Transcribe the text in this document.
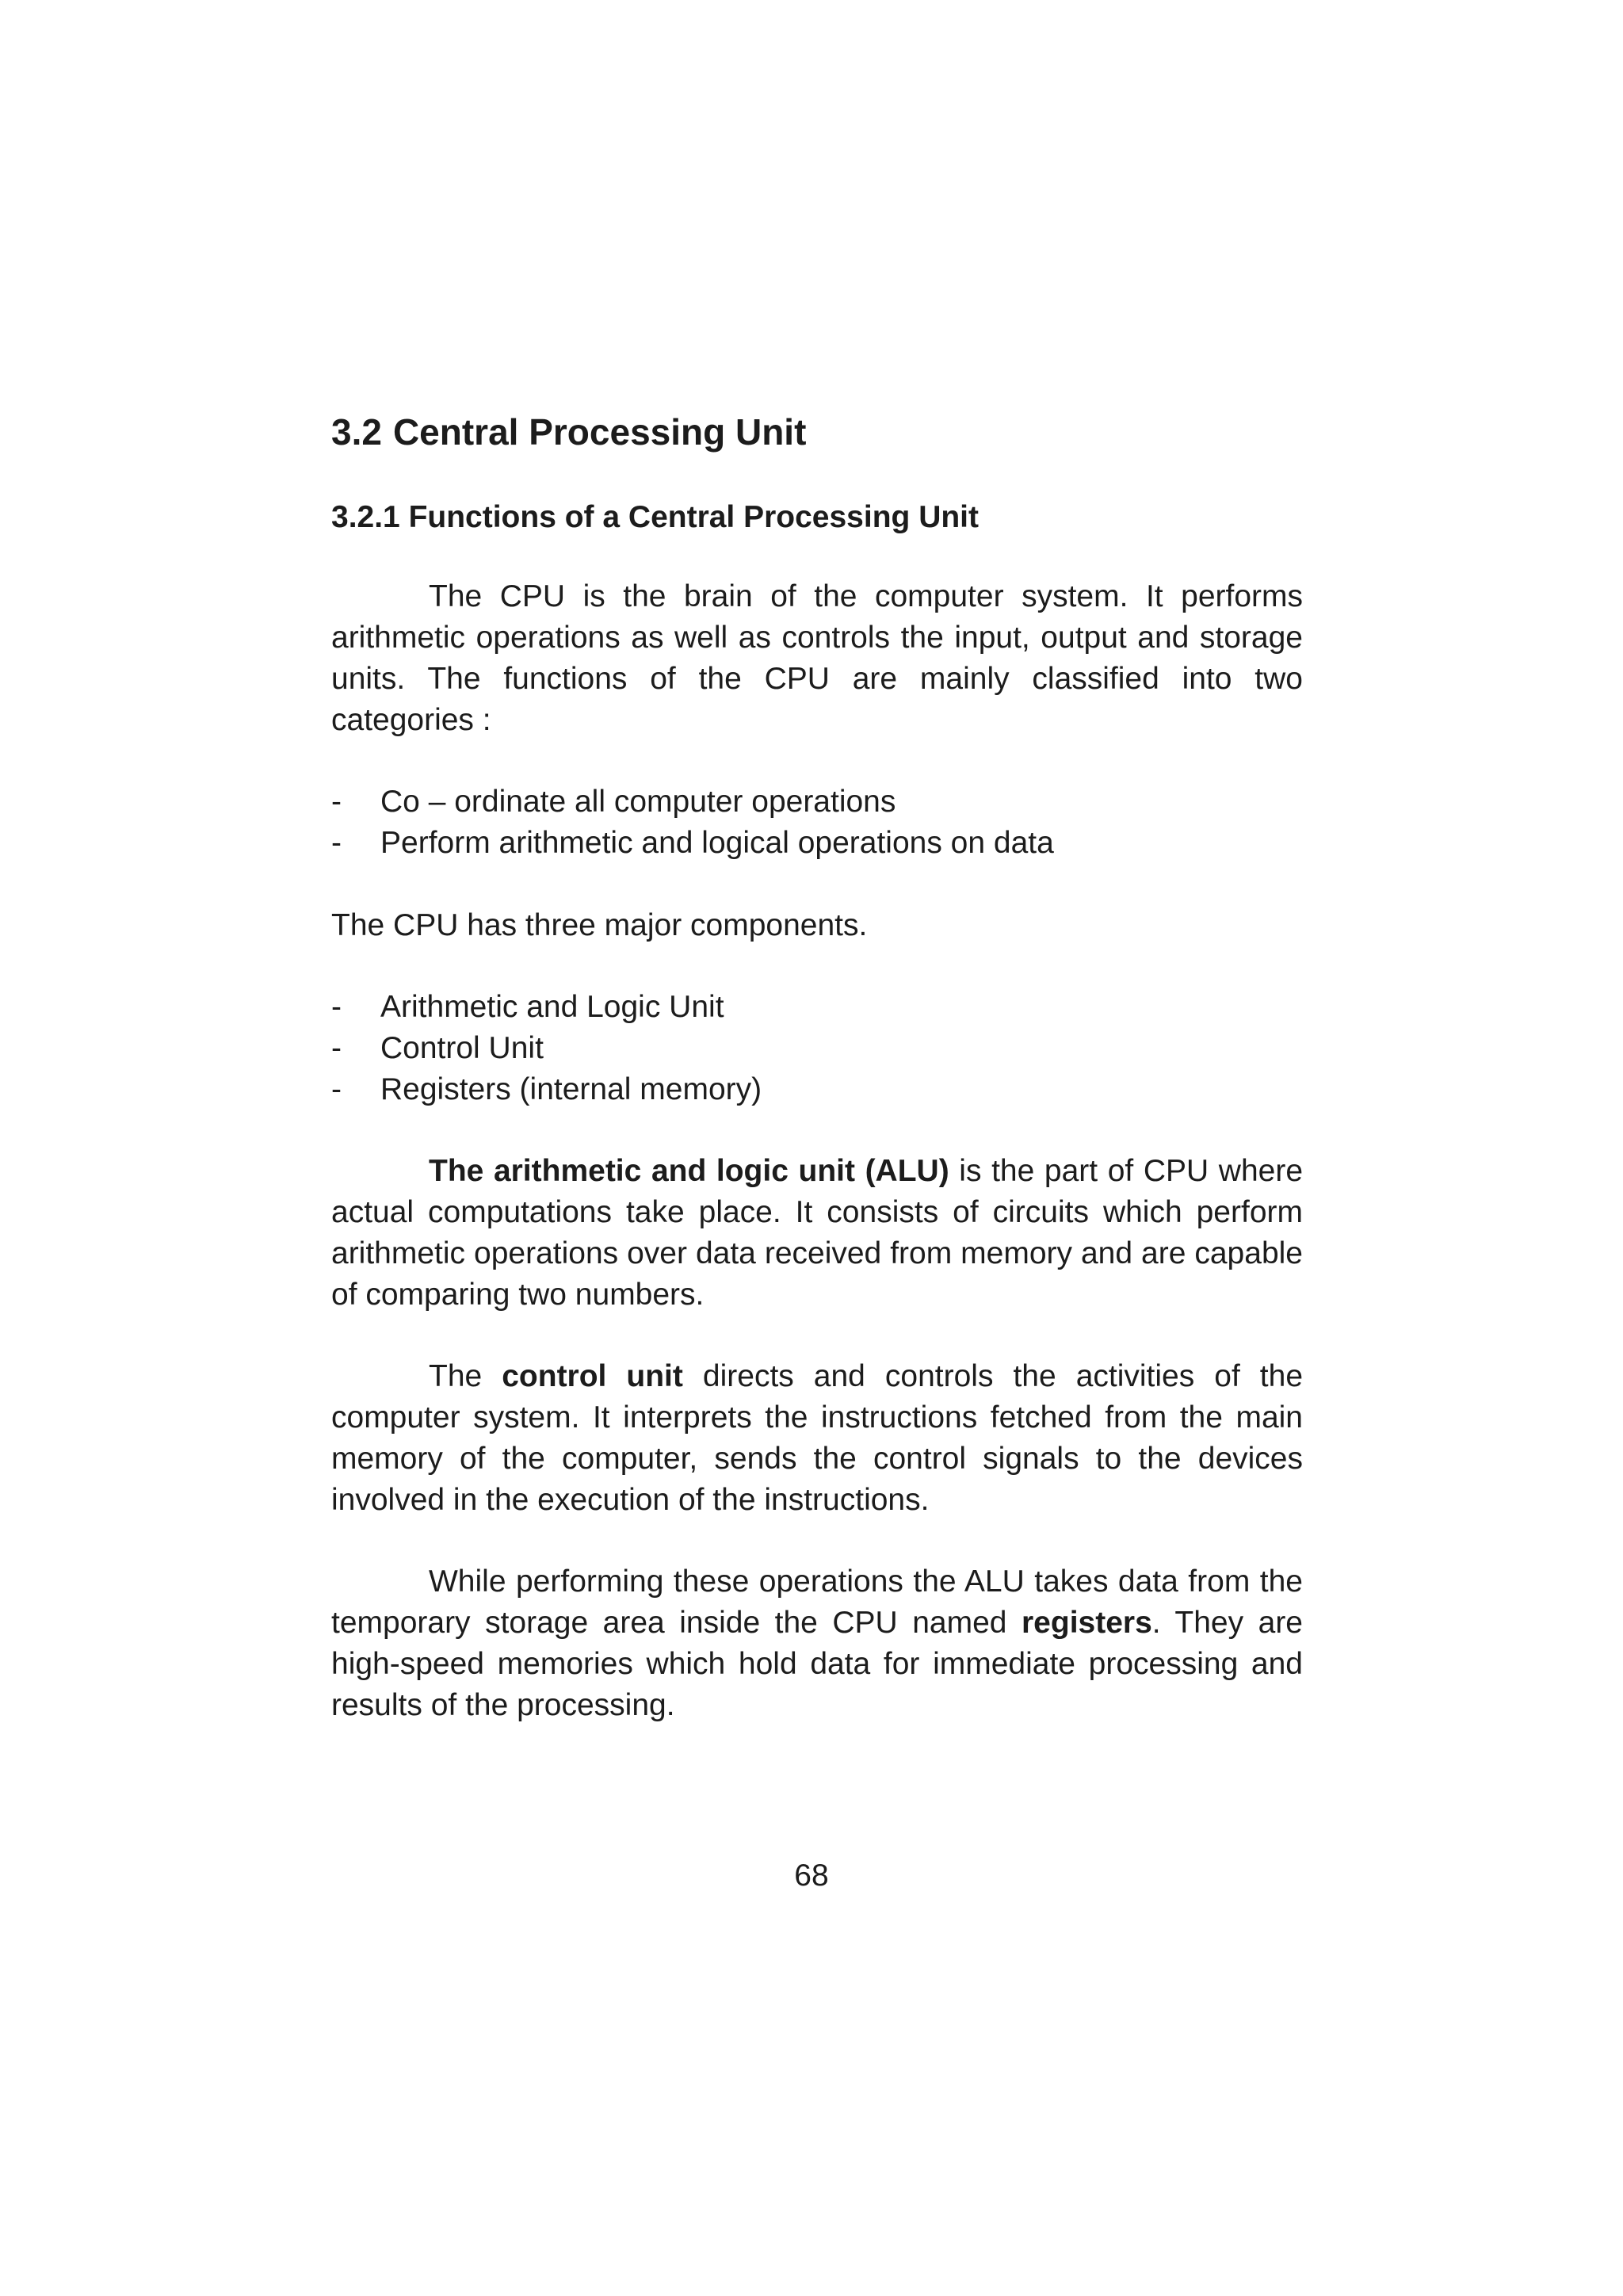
3.2 Central Processing Unit
3.2.1 Functions of a Central Processing Unit

The CPU is the brain of the computer system. It performs arithmetic operations as well as controls the input, output and storage units. The functions of the CPU are mainly classified into two categories :

- Co – ordinate all computer operations
- Perform arithmetic and logical operations on data

The CPU has three major components.

- Arithmetic and Logic Unit
- Control Unit
- Registers (internal memory)

The arithmetic and logic unit (ALU) is the part of CPU where actual computations take place. It consists of circuits which perform arithmetic operations over data received from memory and are capable of comparing two numbers.

The control unit directs and controls the activities of the computer system. It interprets the instructions fetched from the main memory of the computer, sends the control signals to the devices involved in the execution of the instructions.

While performing these operations the ALU takes data from the temporary storage area inside the CPU named registers. They are high-speed memories which hold data for immediate processing and results of the processing.

68
